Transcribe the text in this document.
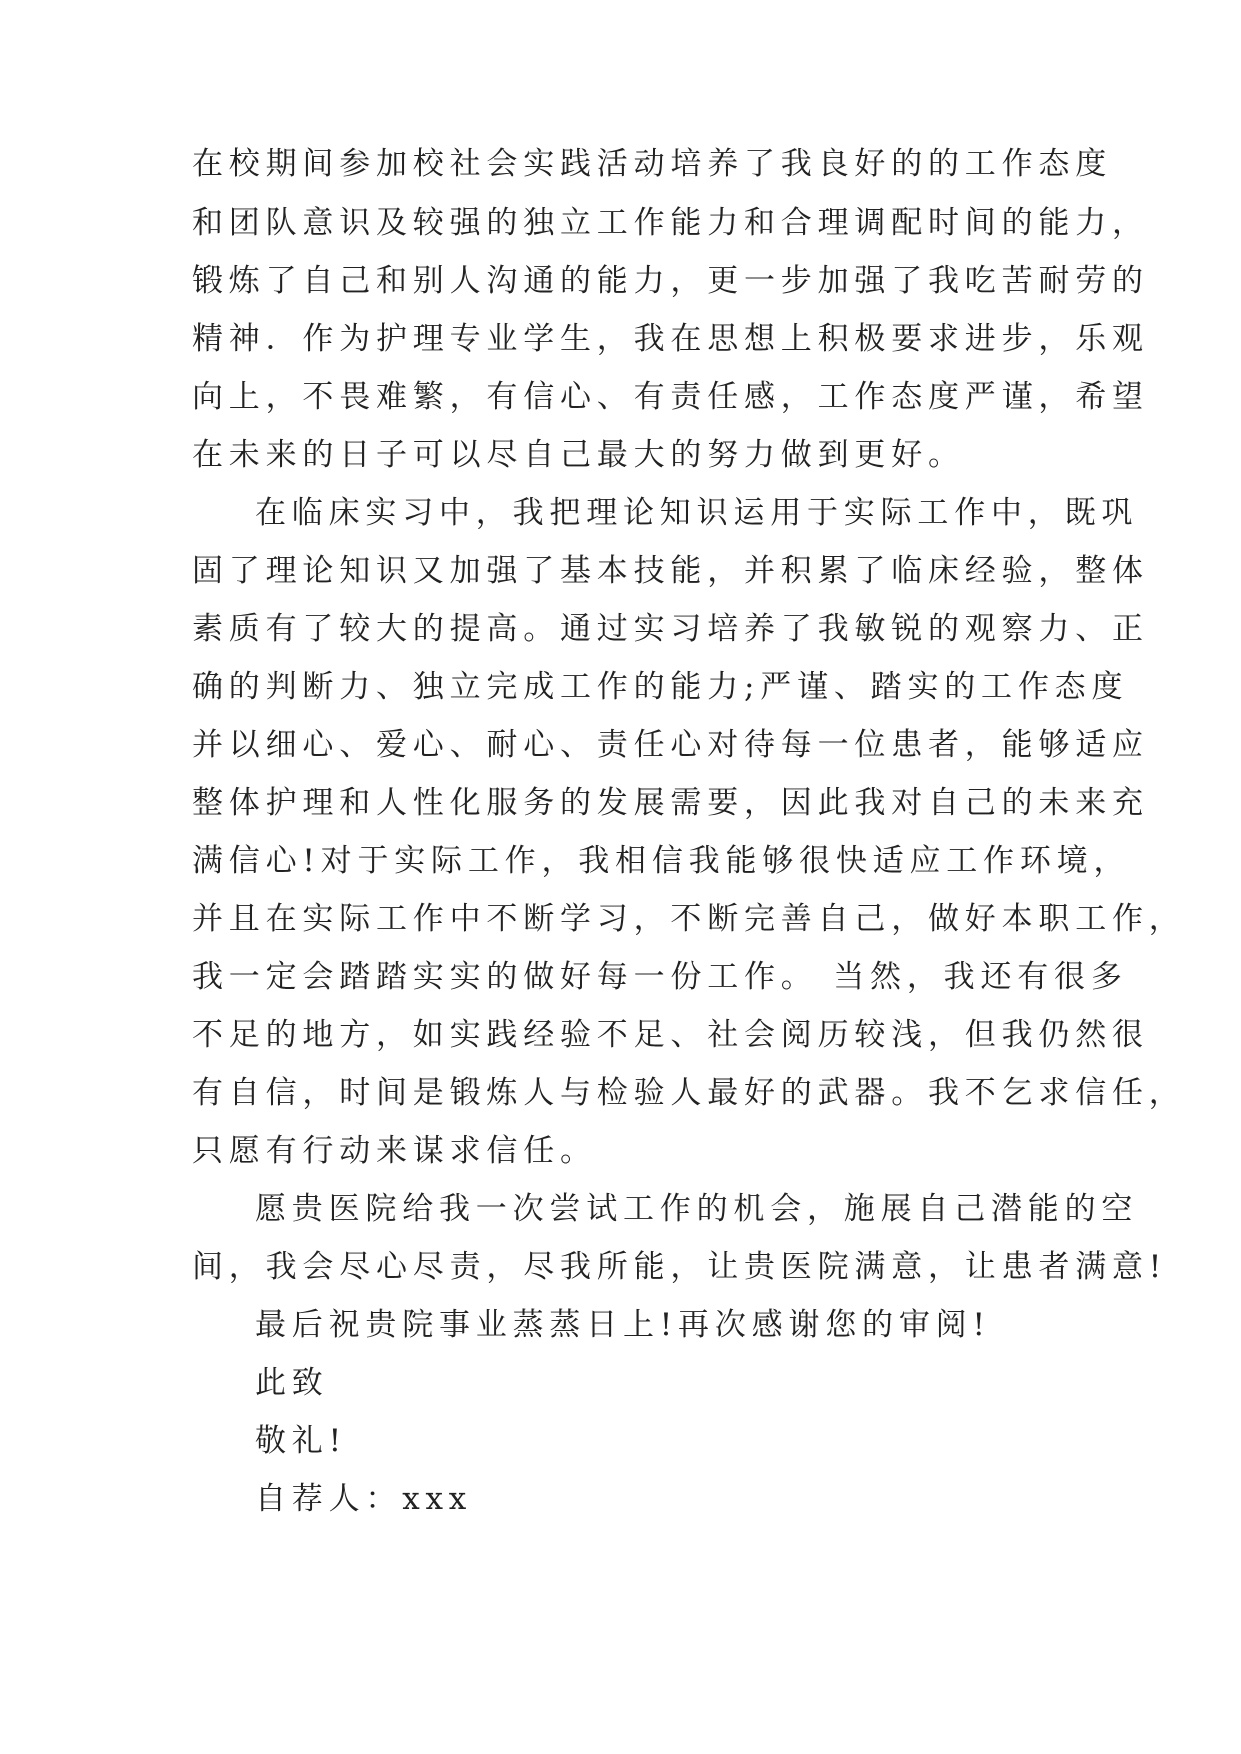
在校期间参加校社会实践活动培养了我良好的的工作态度
和团队意识及较强的独立工作能力和合理调配时间的能力，
锻炼了自己和别人沟通的能力，更一步加强了我吃苦耐劳的
精神．作为护理专业学生，我在思想上积极要求进步，乐观
向上，不畏难繁，有信心、有责任感，工作态度严谨，希望
在未来的日子可以尽自己最大的努力做到更好。
在临床实习中，我把理论知识运用于实际工作中，既巩
固了理论知识又加强了基本技能，并积累了临床经验，整体
素质有了较大的提高。通过实习培养了我敏锐的观察力、正
确的判断力、独立完成工作的能力;严谨、踏实的工作态度
并以细心、爱心、耐心、责任心对待每一位患者，能够适应
整体护理和人性化服务的发展需要，因此我对自己的未来充
满信心!对于实际工作，我相信我能够很快适应工作环境，
并且在实际工作中不断学习，不断完善自己，做好本职工作，
我一定会踏踏实实的做好每一份工作。 当然，我还有很多
不足的地方，如实践经验不足、社会阅历较浅，但我仍然很
有自信，时间是锻炼人与检验人最好的武器。我不乞求信任，
只愿有行动来谋求信任。
愿贵医院给我一次尝试工作的机会，施展自己潜能的空
间，我会尽心尽责，尽我所能，让贵医院满意，让患者满意!
最后祝贵院事业蒸蒸日上!再次感谢您的审阅!
此致
敬礼!
自荐人：xxx
